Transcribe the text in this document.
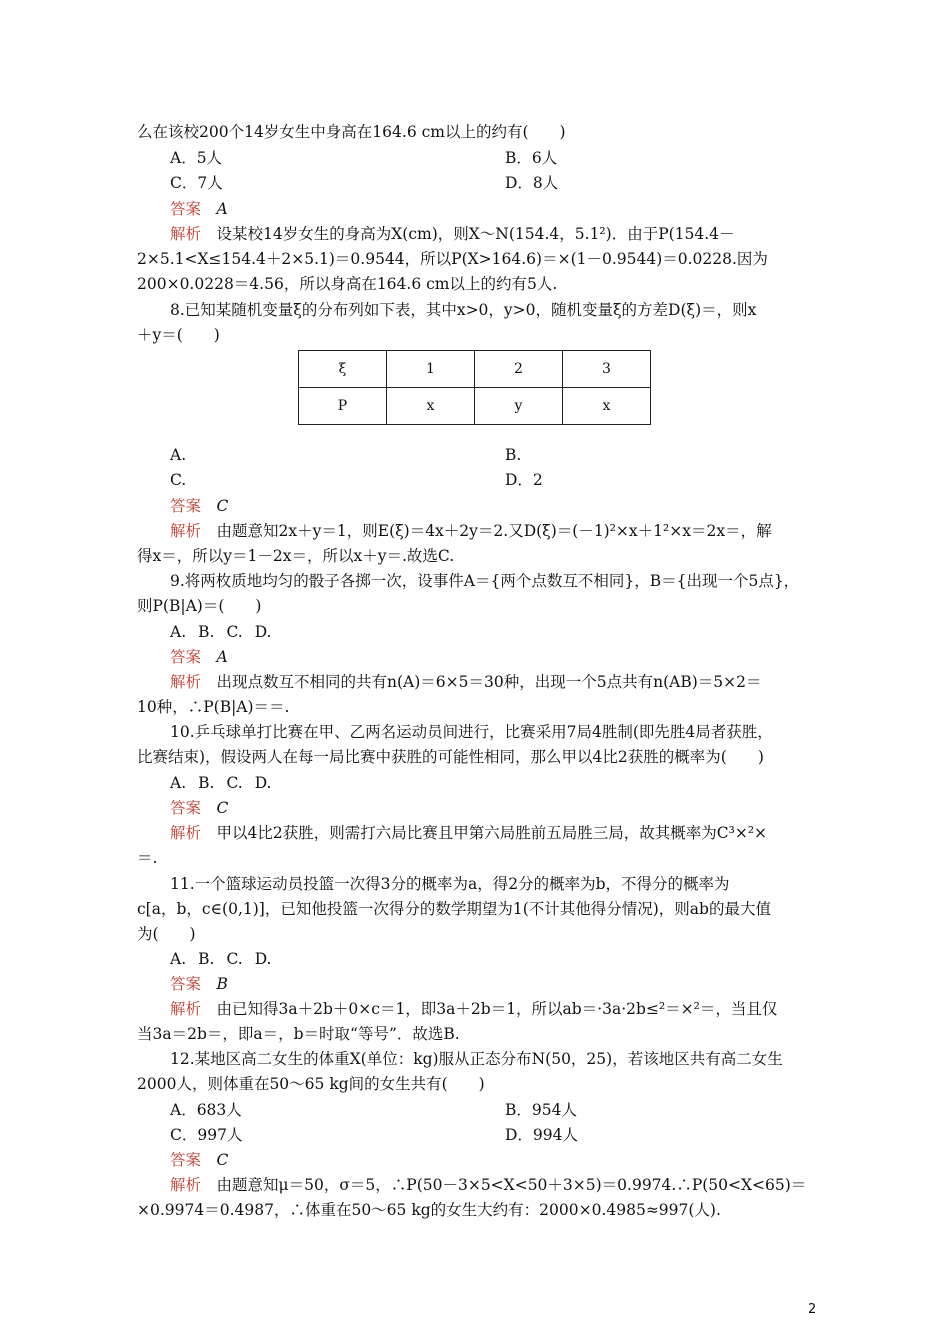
么在该校200个14岁女生中身高在164.6 cm以上的约有(　　)
A．5人	B．6人
C．7人	D．8人
答案　 A
解析　 设某校14岁女生的身高为X(cm)，则X～N(154.4，5.1²)．由于P(154.4－
2×5.1<X≤154.4＋2×5.1)＝0.9544，所以P(X>164.6)＝×(1－0.9544)＝0.0228.因为
200×0.0228＝4.56，所以身高在164.6 cm以上的约有5人.
8.已知某随机变量ξ的分布列如下表，其中x>0，y>0，随机变量ξ的方差D(ξ)＝，则x
＋y＝(　　)
ξ	1	2	3
P	x	y	x
A.	B.
C.	D．2
答案　 C
解析　 由题意知2x＋y＝1，则E(ξ)＝4x＋2y＝2.又D(ξ)＝(－1)²×x＋1²×x＝2x＝，解
得x＝，所以y＝1－2x＝，所以x＋y＝.故选C.
9.将两枚质地均匀的骰子各掷一次，设事件A＝{两个点数互不相同}，B＝{出现一个5点}，
则P(B|A)＝(　　)
A. B. C. D.
答案　 A
解析　 出现点数互不相同的共有n(A)＝6×5＝30种，出现一个5点共有n(AB)＝5×2＝
10种，∴P(B|A)＝＝.
10.乒乓球单打比赛在甲、乙两名运动员间进行，比赛采用7局4胜制(即先胜4局者获胜，
比赛结束)，假设两人在每一局比赛中获胜的可能性相同，那么甲以4比2获胜的概率为(　　)
A. B. C. D.
答案　 C
解析　 甲以4比2获胜，则需打六局比赛且甲第六局胜前五局胜三局，故其概率为C³×²×
＝.
11.一个篮球运动员投篮一次得3分的概率为a，得2分的概率为b，不得分的概率为
c[a，b，c∈(0,1)]，已知他投篮一次得分的数学期望为1(不计其他得分情况)，则ab的最大值
为(　　)
A. B. C. D.
答案　 B
解析　 由已知得3a＋2b＋0×c＝1，即3a＋2b＝1，所以ab＝·3a·2b≤²＝×²＝，当且仅
当3a＝2b＝，即a＝，b＝时取“等号”．故选B.
12.某地区高二女生的体重X(单位：kg)服从正态分布N(50，25)，若该地区共有高二女生
2000人，则体重在50～65 kg间的女生共有(　　)
A．683人	B．954人
C．997人	D．994人
答案　 C
解析　 由题意知μ＝50，σ＝5，∴P(50－3×5<X<50＋3×5)＝0.9974.∴P(50<X<65)＝
×0.9974＝0.4987，∴体重在50～65 kg的女生大约有：2000×0.4985≈997(人).
2
